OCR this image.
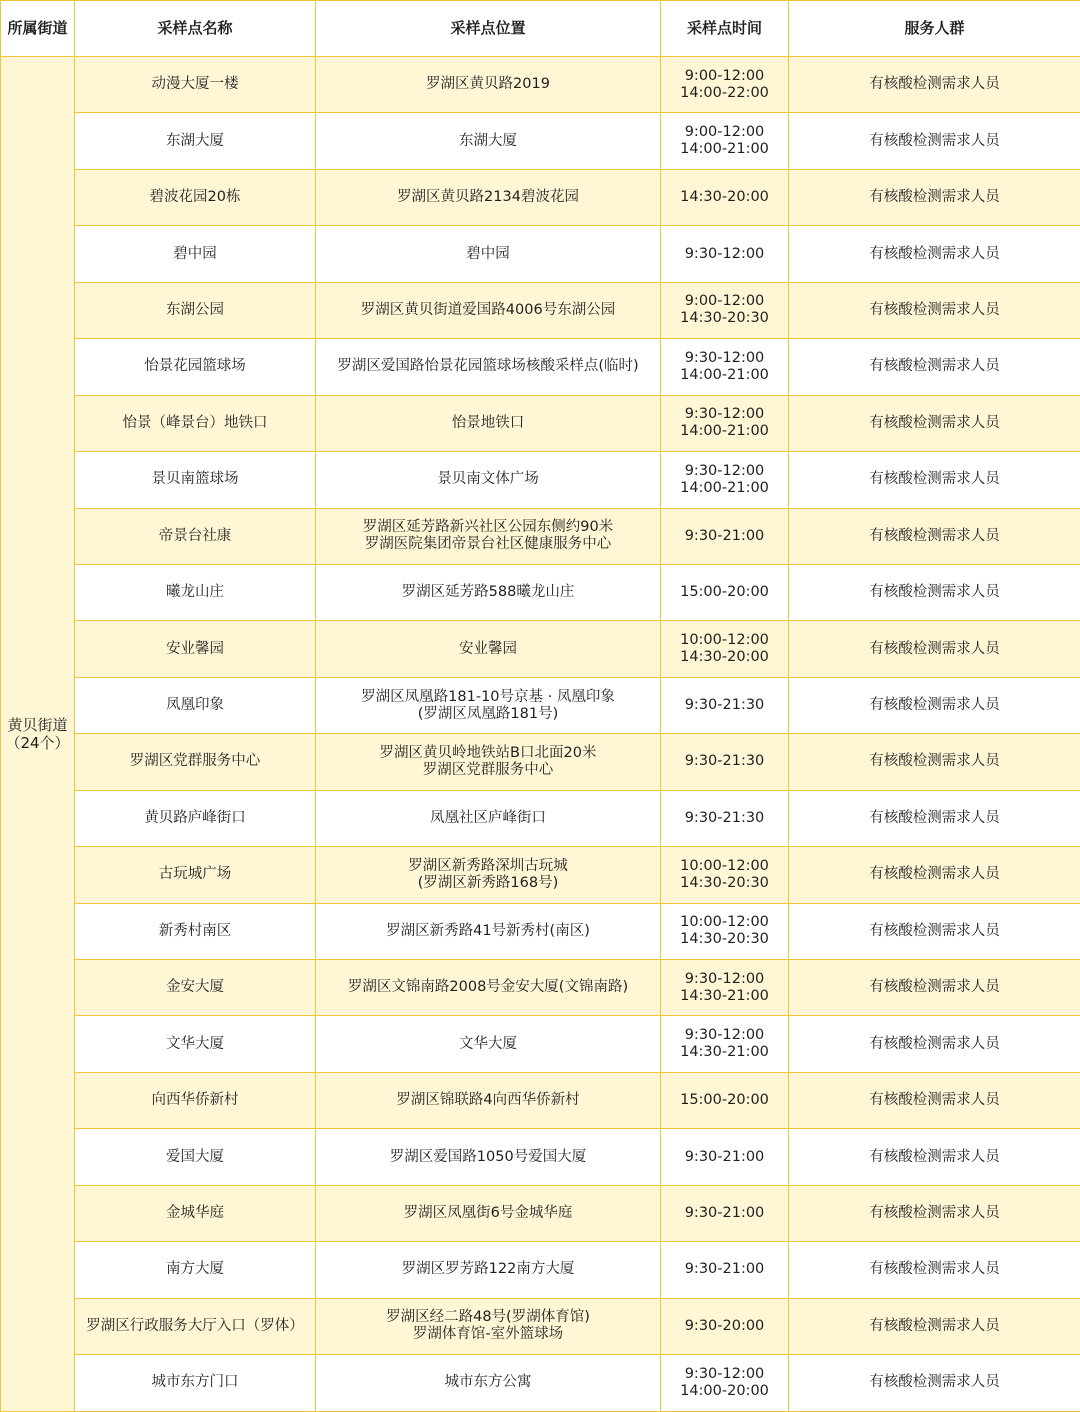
所属街道	采样点名称	采样点位置	采样点时间	服务人群

黄贝街道
（24个）	动漫大厦一楼	罗湖区黄贝路2019	9:00-12:00
14:00-22:00	有核酸检测需求人员
	东湖大厦	东湖大厦	9:00-12:00
14:00-21:00	有核酸检测需求人员
	碧波花园20栋	罗湖区黄贝路2134碧波花园	14:30-20:00	有核酸检测需求人员
	碧中园	碧中园	9:30-12:00	有核酸检测需求人员
	东湖公园	罗湖区黄贝街道爱国路4006号东湖公园	9:00-12:00
14:30-20:30	有核酸检测需求人员
	怡景花园篮球场	罗湖区爱国路怡景花园篮球场核酸采样点(临时)	9:30-12:00
14:00-21:00	有核酸检测需求人员
	怡景（峰景台）地铁口	怡景地铁口	9:30-12:00
14:00-21:00	有核酸检测需求人员
	景贝南篮球场	景贝南文体广场	9:30-12:00
14:00-21:00	有核酸检测需求人员
	帝景台社康	罗湖区延芳路新兴社区公园东侧约90米
罗湖医院集团帝景台社区健康服务中心	9:30-21:00	有核酸检测需求人员
	曦龙山庄	罗湖区延芳路588曦龙山庄	15:00-20:00	有核酸检测需求人员
	安业馨园	安业馨园	10:00-12:00
14:30-20:00	有核酸检测需求人员
	凤凰印象	罗湖区凤凰路181-10号京基 · 凤凰印象
(罗湖区凤凰路181号)	9:30-21:30	有核酸检测需求人员
	罗湖区党群服务中心	罗湖区黄贝岭地铁站B口北面20米
罗湖区党群服务中心	9:30-21:30	有核酸检测需求人员
	黄贝路庐峰街口	凤凰社区庐峰街口	9:30-21:30	有核酸检测需求人员
	古玩城广场	罗湖区新秀路深圳古玩城
(罗湖区新秀路168号)	10:00-12:00
14:30-20:30	有核酸检测需求人员
	新秀村南区	罗湖区新秀路41号新秀村(南区)	10:00-12:00
14:30-20:30	有核酸检测需求人员
	金安大厦	罗湖区文锦南路2008号金安大厦(文锦南路)	9:30-12:00
14:30-21:00	有核酸检测需求人员
	文华大厦	文华大厦	9:30-12:00
14:30-21:00	有核酸检测需求人员
	向西华侨新村	罗湖区锦联路4向西华侨新村	15:00-20:00	有核酸检测需求人员
	爱国大厦	罗湖区爱国路1050号爱国大厦	9:30-21:00	有核酸检测需求人员
	金城华庭	罗湖区凤凰街6号金城华庭	9:30-21:00	有核酸检测需求人员
	南方大厦	罗湖区罗芳路122南方大厦	9:30-21:00	有核酸检测需求人员
	罗湖区行政服务大厅入口（罗体）	罗湖区经二路48号(罗湖体育馆)
罗湖体育馆-室外篮球场	9:30-20:00	有核酸检测需求人员
	城市东方门口	城市东方公寓	9:30-12:00
14:00-20:00	有核酸检测需求人员
